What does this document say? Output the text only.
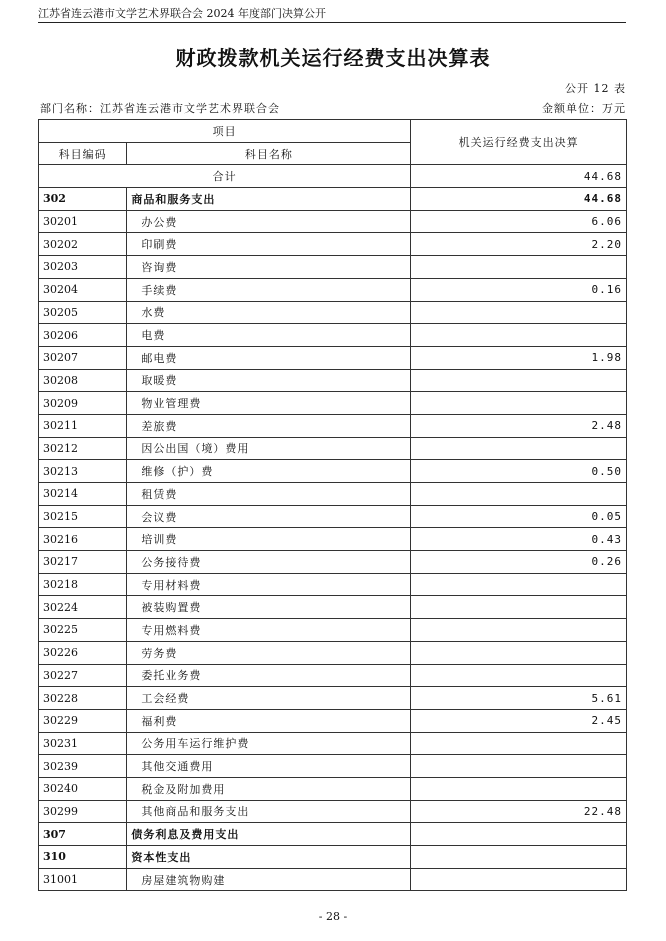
江苏省连云港市文学艺术界联合会 2024 年度部门决算公开
财政拨款机关运行经费支出决算表
公开 12 表
部门名称：江苏省连云港市文学艺术界联合会	金额单位：万元
项目		机关运行经费支出决算
科目编码	科目名称	
合计		44.68
302	商品和服务支出	44.68
30201	办公费	6.06
30202	印刷费	2.20
30203	咨询费	
30204	手续费	0.16
30205	水费	
30206	电费	
30207	邮电费	1.98
30208	取暖费	
30209	物业管理费	
30211	差旅费	2.48
30212	因公出国（境）费用	
30213	维修（护）费	0.50
30214	租赁费	
30215	会议费	0.05
30216	培训费	0.43
30217	公务接待费	0.26
30218	专用材料费	
30224	被装购置费	
30225	专用燃料费	
30226	劳务费	
30227	委托业务费	
30228	工会经费	5.61
30229	福利费	2.45
30231	公务用车运行维护费	
30239	其他交通费用	
30240	税金及附加费用	
30299	其他商品和服务支出	22.48
307	债务利息及费用支出	
310	资本性支出	
31001	房屋建筑物购建	
- 28 -
